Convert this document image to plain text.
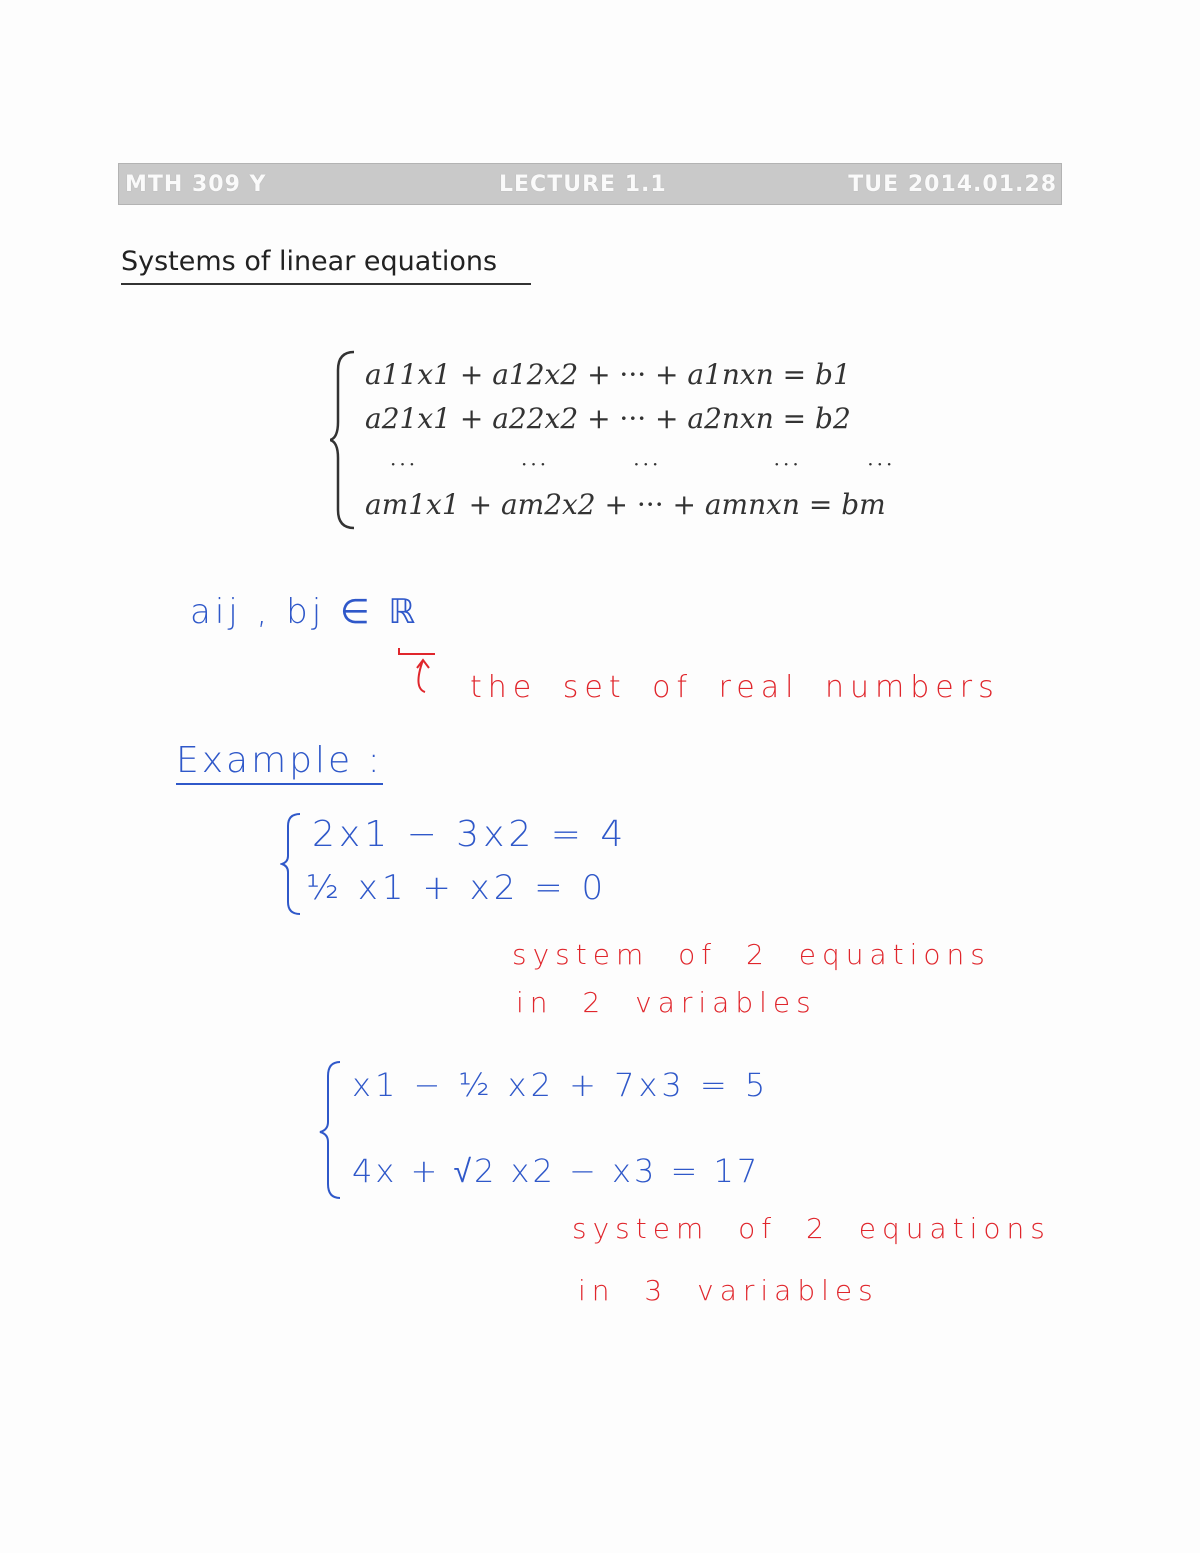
MTH 309 Y	LECTURE 1.1	TUE 2014.01.28
Systems of linear equations
a11x1 + a12x2 + ··· + a1nxn = b1
a21x1 + a22x2 + ··· + a2nxn = b2
···           ···         ···            ···       ···
am1x1 + am2x2 + ··· + amnxn = bm
aij , bj ∈ ℝ
the set of real numbers
Example :
2x1 − 3x2 = 4
½ x1 + x2 = 0
system of 2 equations
in 2 variables
x1 − ½ x2 + 7x3 = 5
4x + √2 x2 − x3 = 17
system of 2 equations
in 3 variables
